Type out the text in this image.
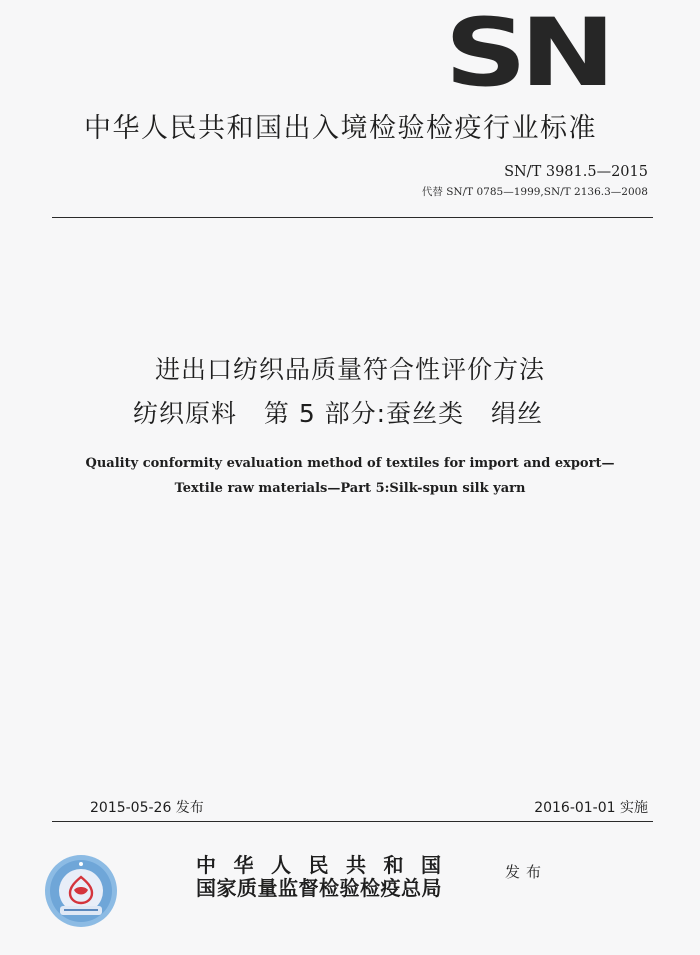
SN
中华人民共和国出入境检验检疫行业标准
SN/T 3981.5—2015
代替 SN/T 0785—1999,SN/T 2136.3—2008
进出口纺织品质量符合性评价方法
纺织原料   第 5 部分:蚕丝类   绢丝
Quality conformity evaluation method of textiles for import and export—
Textile raw materials—Part 5:Silk-spun silk yarn
2015-05-26 发布	2016-01-01 实施
中华人民共和国
国家质量监督检验检疫总局
发布
